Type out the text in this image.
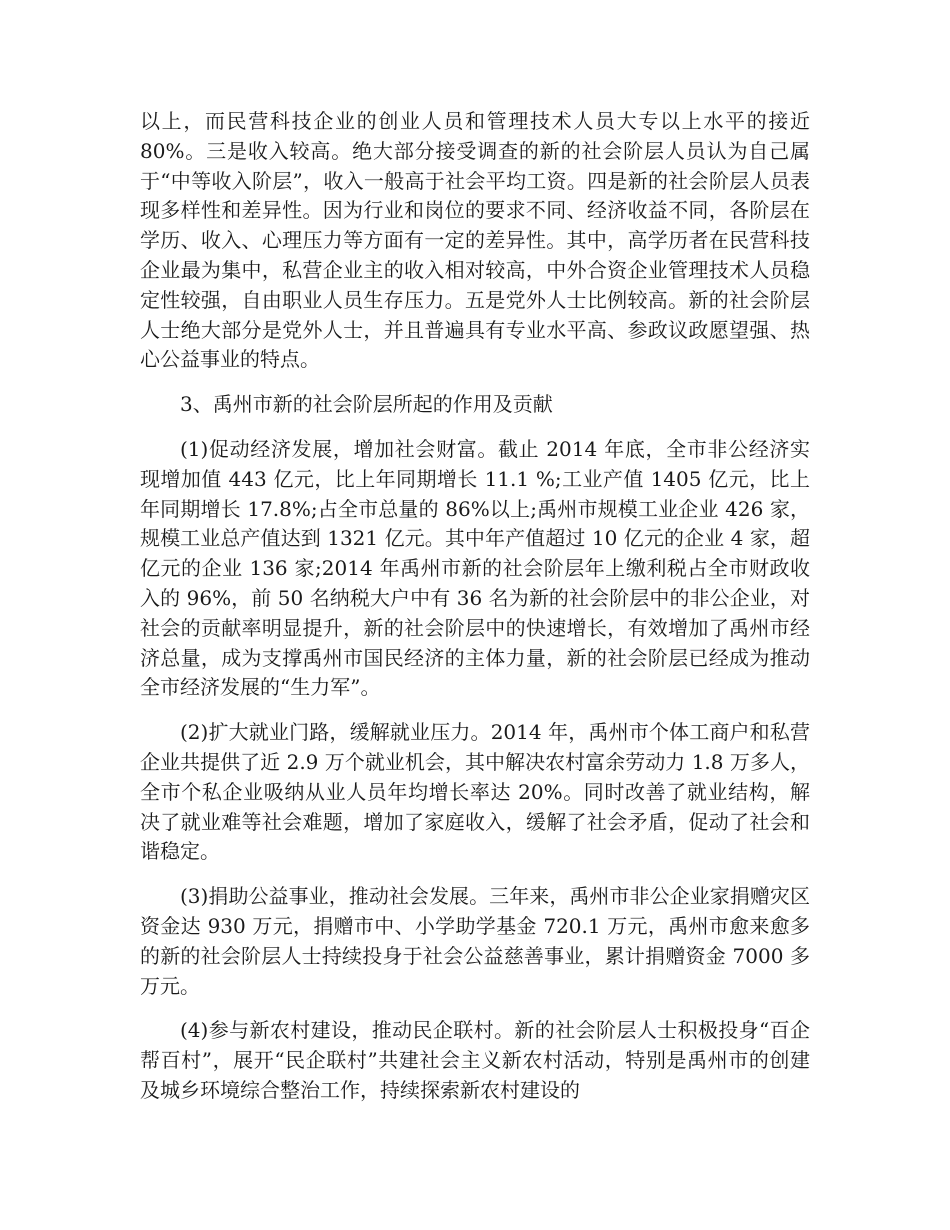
以上，而民营科技企业的创业人员和管理技术人员大专以上水平的接近 80%。三是收入较高。绝大部分接受调查的新的社会阶层人员认为自己属于“中等收入阶层”，收入一般高于社会平均工资。四是新的社会阶层人员表现多样性和差异性。因为行业和岗位的要求不同、经济收益不同，各阶层在学历、收入、心理压力等方面有一定的差异性。其中，高学历者在民营科技企业最为集中，私营企业主的收入相对较高，中外合资企业管理技术人员稳定性较强，自由职业人员生存压力。五是党外人士比例较高。新的社会阶层人士绝大部分是党外人士，并且普遍具有专业水平高、参政议政愿望强、热心公益事业的特点。

3、禹州市新的社会阶层所起的作用及贡献

(1)促动经济发展，增加社会财富。截止 2014 年底，全市非公经济实现增加值 443 亿元，比上年同期增长 11.1 %;工业产值 1405 亿元，比上年同期增长 17.8%;占全市总量的 86%以上;禹州市规模工业企业 426 家，规模工业总产值达到 1321 亿元。其中年产值超过 10 亿元的企业 4 家，超亿元的企业 136 家;2014 年禹州市新的社会阶层年上缴利税占全市财政收入的 96%，前 50 名纳税大户中有 36 名为新的社会阶层中的非公企业，对社会的贡献率明显提升，新的社会阶层中的快速增长，有效增加了禹州市经济总量，成为支撑禹州市国民经济的主体力量，新的社会阶层已经成为推动全市经济发展的“生力军”。

(2)扩大就业门路，缓解就业压力。2014 年，禹州市个体工商户和私营企业共提供了近 2.9 万个就业机会，其中解决农村富余劳动力 1.8 万多人，全市个私企业吸纳从业人员年均增长率达 20%。同时改善了就业结构，解决了就业难等社会难题，增加了家庭收入，缓解了社会矛盾，促动了社会和谐稳定。

(3)捐助公益事业，推动社会发展。三年来，禹州市非公企业家捐赠灾区资金达 930 万元，捐赠市中、小学助学基金 720.1 万元，禹州市愈来愈多的新的社会阶层人士持续投身于社会公益慈善事业，累计捐赠资金 7000 多万元。

(4)参与新农村建设，推动民企联村。新的社会阶层人士积极投身“百企帮百村”，展开“民企联村”共建社会主义新农村活动，特别是禹州市的创建及城乡环境综合整治工作，持续探索新农村建设的
